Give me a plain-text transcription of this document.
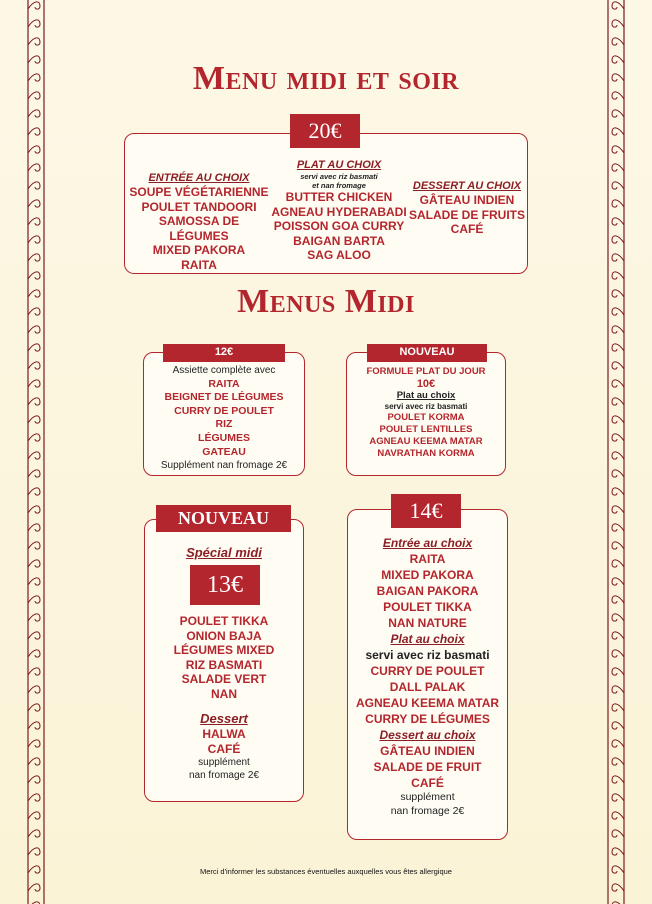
Menu midi et soir
ENTRÉE AU CHOIX
SOUPE VÉGÉTARIENNE
POULET TANDOORI
SAMOSSA DE LÉGUMES
MIXED PAKORA
RAITA
PLAT AU CHOIX
servi avec riz basmati
et nan fromage
BUTTER CHICKEN
AGNEAU HYDERABADI
POISSON GOA CURRY
BAIGAN BARTA
SAG ALOO
DESSERT AU CHOIX
GÂTEAU INDIEN
SALADE DE FRUITS
CAFÉ
20€
Menus Midi
Assiette complète avec
RAITA
BEIGNET DE LÉGUMES
CURRY DE POULET
RIZ
LÉGUMES
GATEAU
Supplément nan fromage 2€
12€
FORMULE PLAT DU JOUR
10€
Plat au choix
servi avec riz basmati
POULET KORMA
POULET LENTILLES
AGNEAU KEEMA MATAR
NAVRATHAN KORMA
NOUVEAU
Spécial midi
POULET TIKKA
ONION BAJA
LÉGUMES MIXED
RIZ BASMATI
SALADE VERT
NAN
Dessert
HALWA
CAFÉ
supplément
nan fromage 2€
NOUVEAU
13€
Entrée au choix
RAITA
MIXED PAKORA
BAIGAN PAKORA
POULET TIKKA
NAN NATURE
Plat au choix
servi avec riz basmati
CURRY DE POULET
DALL PALAK
AGNEAU KEEMA MATAR
CURRY DE LÉGUMES
Dessert au choix
GÂTEAU INDIEN
SALADE DE FRUIT
CAFÉ
supplément
nan fromage 2€
14€
Merci d'informer les substances éventuelles auxquelles vous êtes allergique
